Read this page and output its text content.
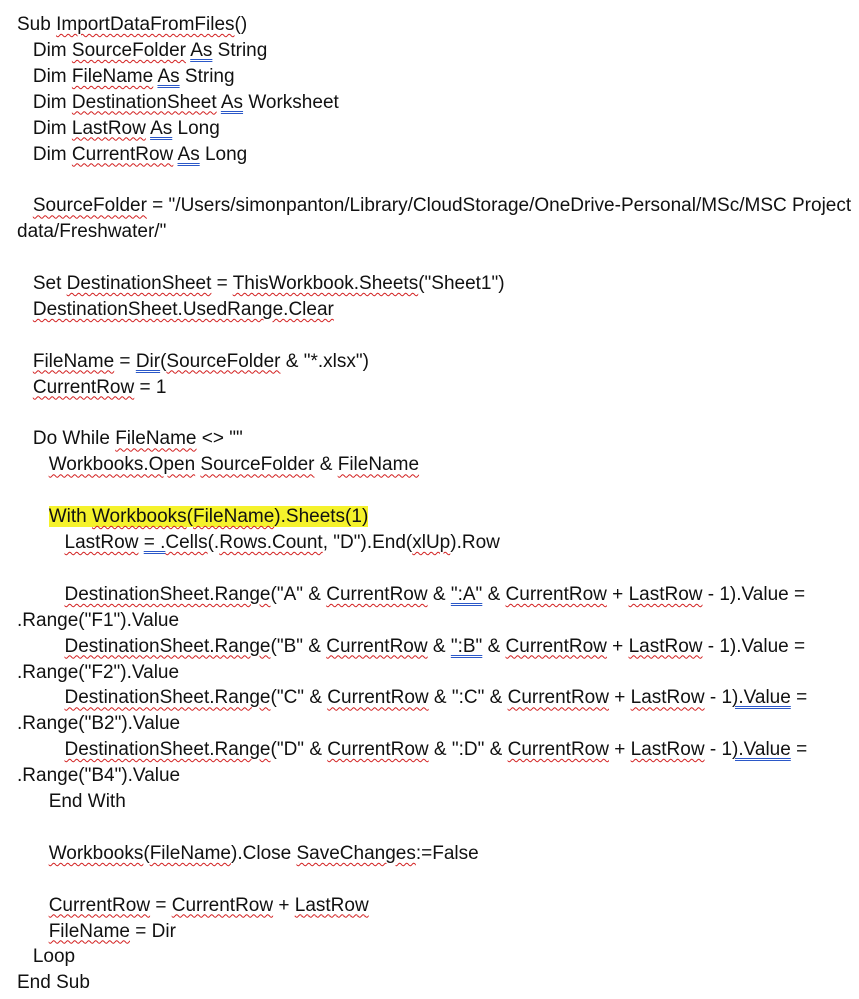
Sub ImportDataFromFiles()
Dim SourceFolder As String
Dim FileName As String
Dim DestinationSheet As Worksheet
Dim LastRow As Long
Dim CurrentRow As Long
SourceFolder = "/Users/simonpanton/Library/CloudStorage/OneDrive-Personal/MSc/MSC Project
data/Freshwater/"
Set DestinationSheet = ThisWorkbook.Sheets("Sheet1")
DestinationSheet.UsedRange.Clear
FileName = Dir(SourceFolder & "*.xlsx")
CurrentRow = 1
Do While FileName <> ""
Workbooks.Open SourceFolder & FileName
With Workbooks(FileName).Sheets(1)
LastRow = .Cells(.Rows.Count, "D").End(xlUp).Row
DestinationSheet.Range("A" & CurrentRow & ":A" & CurrentRow + LastRow - 1).Value =
.Range("F1").Value
DestinationSheet.Range("B" & CurrentRow & ":B" & CurrentRow + LastRow - 1).Value =
.Range("F2").Value
DestinationSheet.Range("C" & CurrentRow & ":C" & CurrentRow + LastRow - 1).Value =
.Range("B2").Value
DestinationSheet.Range("D" & CurrentRow & ":D" & CurrentRow + LastRow - 1).Value =
.Range("B4").Value
End With
Workbooks(FileName).Close SaveChanges:=False
CurrentRow = CurrentRow + LastRow
FileName = Dir
Loop
End Sub
